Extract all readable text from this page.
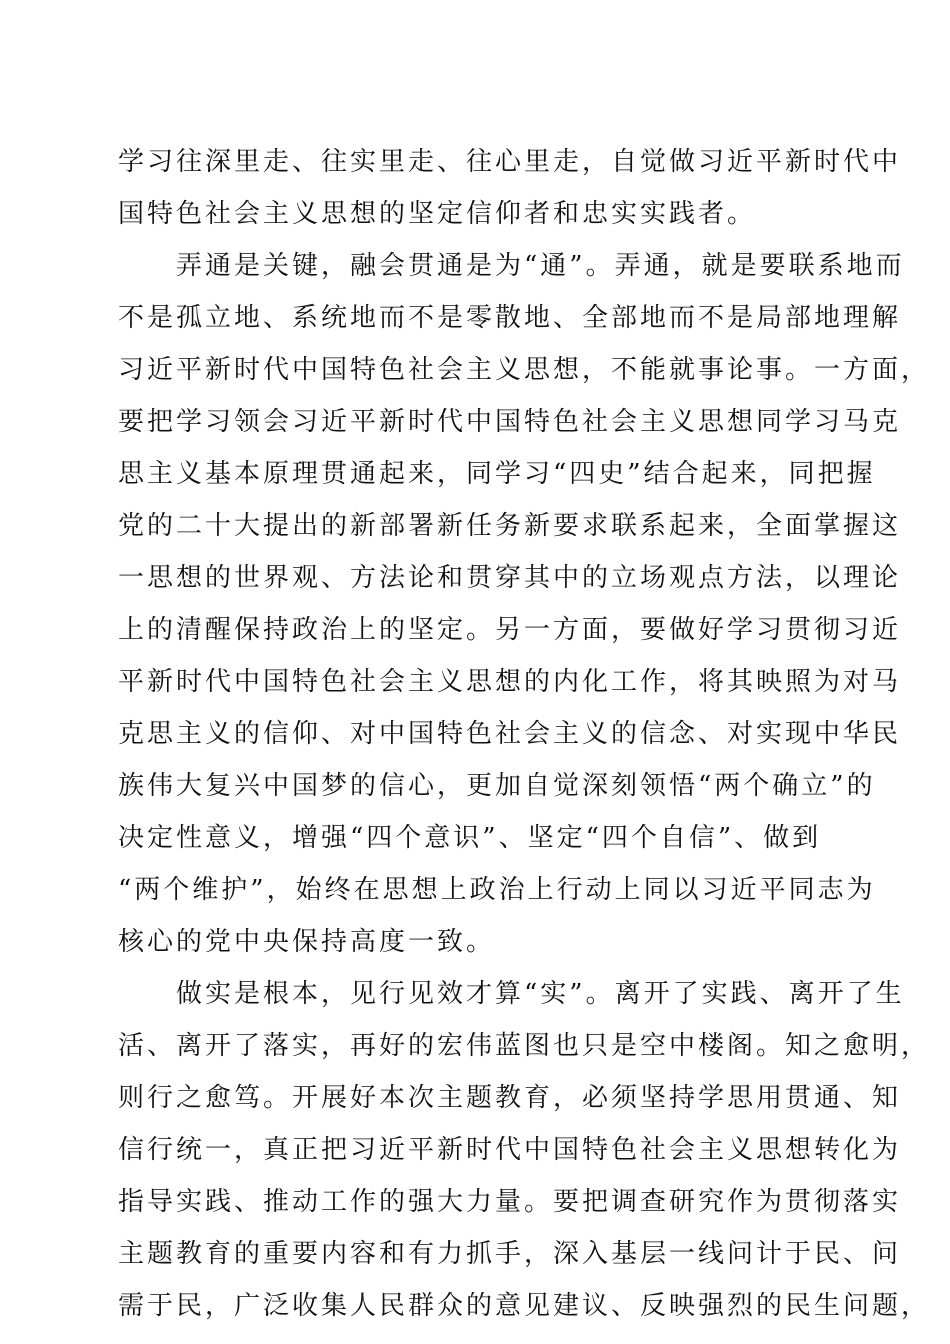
学习往深里走、往实里走、往心里走，自觉做习近平新时代中
国特色社会主义思想的坚定信仰者和忠实实践者。
　　弄通是关键，融会贯通是为“通”。弄通，就是要联系地而
不是孤立地、系统地而不是零散地、全部地而不是局部地理解
习近平新时代中国特色社会主义思想，不能就事论事。一方面，
要把学习领会习近平新时代中国特色社会主义思想同学习马克
思主义基本原理贯通起来，同学习“四史”结合起来，同把握
党的二十大提出的新部署新任务新要求联系起来，全面掌握这
一思想的世界观、方法论和贯穿其中的立场观点方法，以理论
上的清醒保持政治上的坚定。另一方面，要做好学习贯彻习近
平新时代中国特色社会主义思想的内化工作，将其映照为对马
克思主义的信仰、对中国特色社会主义的信念、对实现中华民
族伟大复兴中国梦的信心，更加自觉深刻领悟“两个确立”的
决定性意义，增强“四个意识”、坚定“四个自信”、做到
“两个维护”，始终在思想上政治上行动上同以习近平同志为
核心的党中央保持高度一致。
　　做实是根本，见行见效才算“实”。离开了实践、离开了生
活、离开了落实，再好的宏伟蓝图也只是空中楼阁。知之愈明，
则行之愈笃。开展好本次主题教育，必须坚持学思用贯通、知
信行统一，真正把习近平新时代中国特色社会主义思想转化为
指导实践、推动工作的强大力量。要把调查研究作为贯彻落实
主题教育的重要内容和有力抓手，深入基层一线问计于民、问
需于民，广泛收集人民群众的意见建议、反映强烈的民生问题，
